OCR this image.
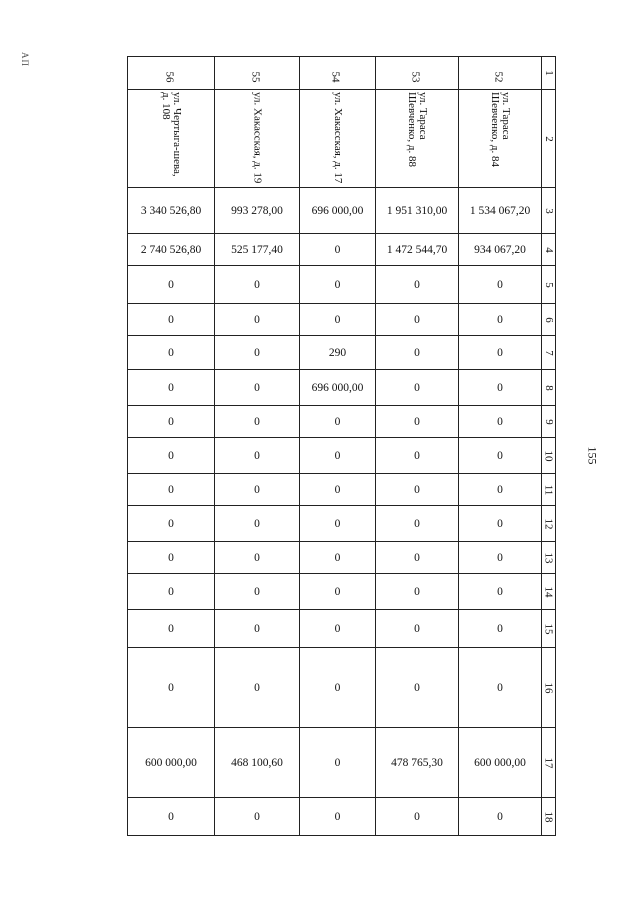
АП
155
56	55	54	53	52	1
ул. Чертыга-шева, д. 108	ул. Хакасская, д. 19	ул. Хакасская, д. 17	ул. Тараса Шевченко, д. 88	ул. Тараса Шевченко, д. 84	2
3 340 526,80	993 278,00	696 000,00	1 951 310,00	1 534 067,20	3
2 740 526,80	525 177,40	0	1 472 544,70	934 067,20	4
0	0	0	0	0	5
0	0	0	0	0	6
0	0	290	0	0	7
0	0	696 000,00	0	0	8
0	0	0	0	0	9
0	0	0	0	0	10
0	0	0	0	0	11
0	0	0	0	0	12
0	0	0	0	0	13
0	0	0	0	0	14
0	0	0	0	0	15
0	0	0	0	0	16
600 000,00	468 100,60	0	478 765,30	600 000,00	17
0	0	0	0	0	18
